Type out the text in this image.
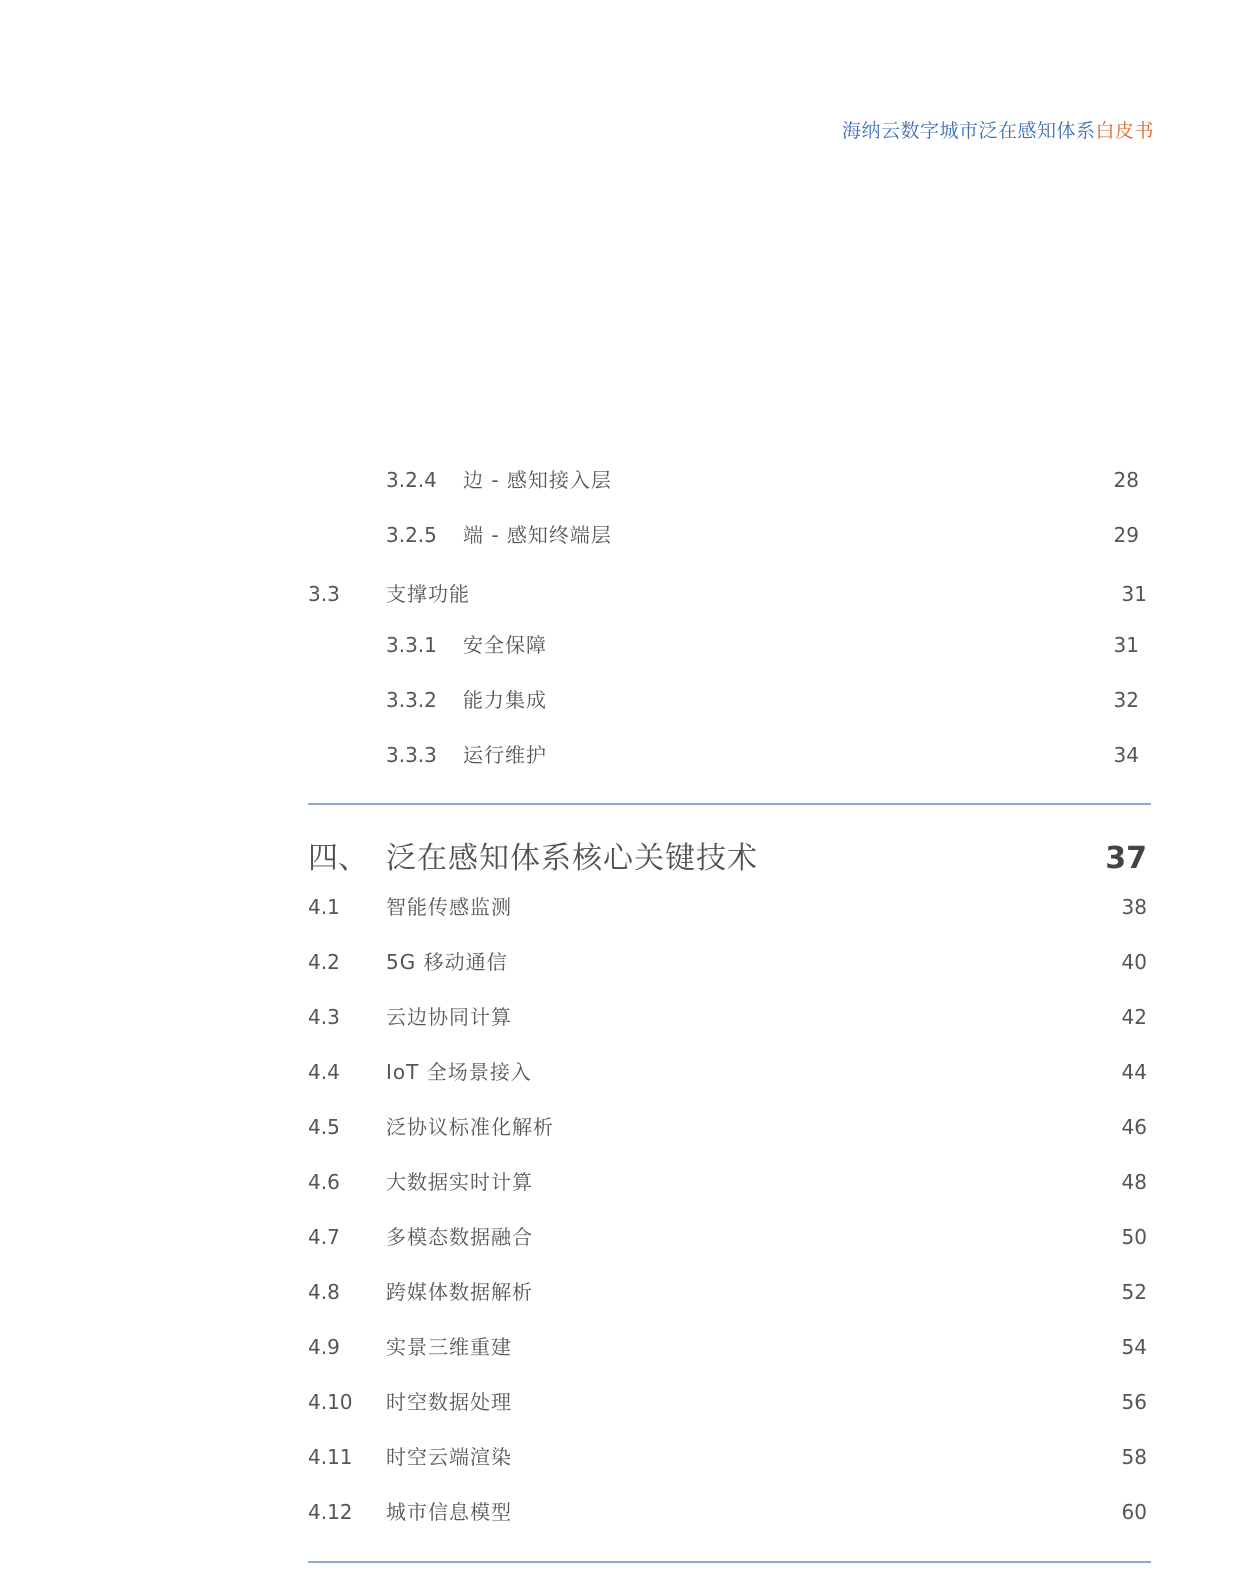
海纳云数字城市泛在感知体系白皮书
3.2.4 边 - 感知接入层	28
3.2.5 端 - 感知终端层	29
3.3 支撑功能	31
3.3.1 安全保障	31
3.3.2 能力集成	32
3.3.3 运行维护	34
四、 泛在感知体系核心关键技术	37
4.1 智能传感监测	38
4.2 5G 移动通信	40
4.3 云边协同计算	42
4.4 IoT 全场景接入	44
4.5 泛协议标准化解析	46
4.6 大数据实时计算	48
4.7 多模态数据融合	50
4.8 跨媒体数据解析	52
4.9 实景三维重建	54
4.10 时空数据处理	56
4.11 时空云端渲染	58
4.12 城市信息模型	60
